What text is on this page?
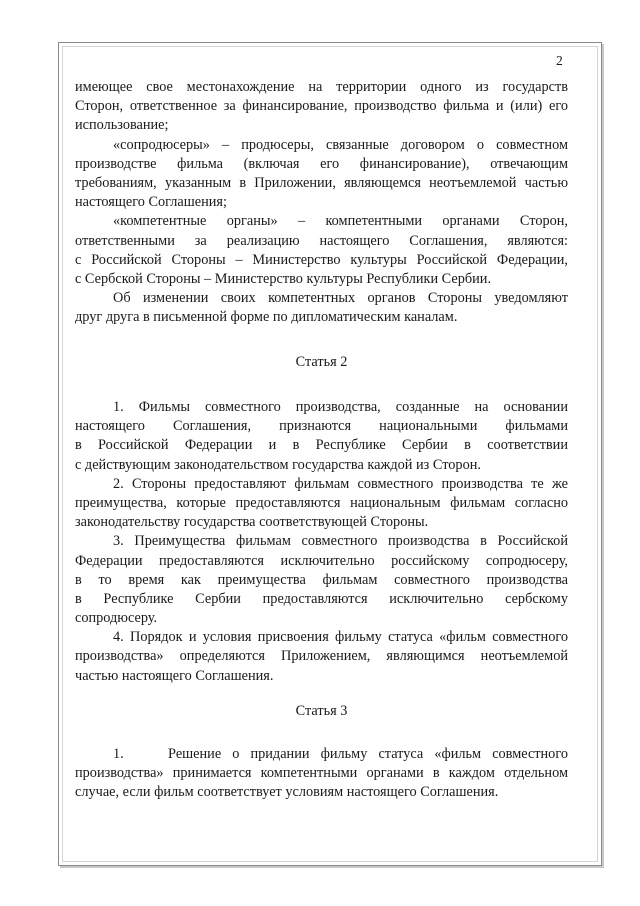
2
имеющее свое местонахождение на территории одного из государств
Сторон, ответственное за финансирование, производство фильма и (или) его
использование;
«сопродюсеры» – продюсеры, связанные договором о совместном
производстве фильма (включая его финансирование), отвечающим
требованиям, указанным в Приложении, являющемся неотъемлемой частью
настоящего Соглашения;
«компетентные органы» – компетентными органами Сторон,
ответственными за реализацию настоящего Соглашения, являются:
с Российской Стороны – Министерство культуры Российской Федерации,
с Сербской Стороны – Министерство культуры Республики Сербии.
Об изменении своих компетентных органов Стороны уведомляют
друг друга в письменной форме по дипломатическим каналам.
Статья 2
1. Фильмы совместного производства, созданные на основании
настоящего Соглашения, признаются национальными фильмами
в Российской Федерации и в Республике Сербии в соответствии
с действующим законодательством государства каждой из Сторон.
2. Стороны предоставляют фильмам совместного производства те же
преимущества, которые предоставляются национальным фильмам согласно
законодательству государства соответствующей Стороны.
3. Преимущества фильмам совместного производства в Российской
Федерации предоставляются исключительно российскому сопродюсеру,
в то время как преимущества фильмам совместного производства
в Республике Сербии предоставляются исключительно сербскому
сопродюсеру.
4. Порядок и условия присвоения фильму статуса «фильм совместного
производства» определяются Приложением, являющимся неотъемлемой
частью настоящего Соглашения.
Статья 3
1.    Решение о придании фильму статуса «фильм совместного
производства» принимается компетентными органами в каждом отдельном
случае, если фильм соответствует условиям настоящего Соглашения.
